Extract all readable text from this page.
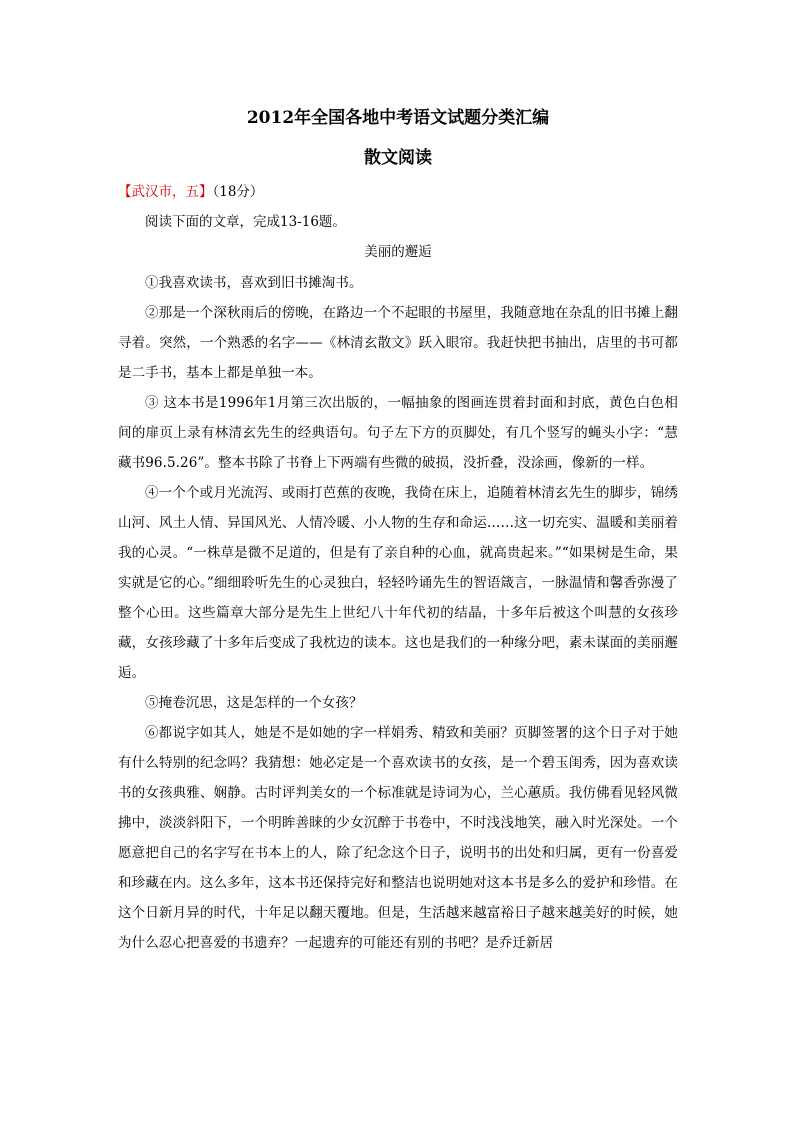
2012年全国各地中考语文试题分类汇编
散文阅读
【武汉市，五】（18分）
阅读下面的文章，完成13-16题。
美丽的邂逅

①我喜欢读书，喜欢到旧书摊淘书。

②那是一个深秋雨后的傍晚，在路边一个不起眼的书屋里，我随意地在杂乱的旧书摊上翻寻着。突然，一个熟悉的名字——《林清玄散文》跃入眼帘。我赶快把书抽出，店里的书可都是二手书，基本上都是单独一本。

③ 这本书是1996年1月第三次出版的，一幅抽象的图画连贯着封面和封底，黄色白色相间的扉页上录有林清玄先生的经典语句。句子左下方的页脚处，有几个竖写的蝇头小字：“慧藏书96.5.26”。整本书除了书脊上下两端有些微的破损，没折叠，没涂画，像新的一样。

④一个个或月光流泻、或雨打芭蕉的夜晚，我倚在床上，追随着林清玄先生的脚步，锦绣山河、风土人情、异国风光、人情冷暖、小人物的生存和命运……这一切充实、温暖和美丽着我的心灵。“一株草是微不足道的，但是有了亲自种的心血，就高贵起来。”“如果树是生命，果实就是它的心。”细细聆听先生的心灵独白，轻轻吟诵先生的智语箴言，一脉温情和馨香弥漫了整个心田。这些篇章大部分是先生上世纪八十年代初的结晶，十多年后被这个叫慧的女孩珍藏，女孩珍藏了十多年后变成了我枕边的读本。这也是我们的一种缘分吧，素未谋面的美丽邂逅。

⑤掩卷沉思，这是怎样的一个女孩？

⑥都说字如其人，她是不是如她的字一样娟秀、精致和美丽？页脚签署的这个日子对于她有什么特别的纪念吗？我猜想：她必定是一个喜欢读书的女孩，是一个碧玉闺秀，因为喜欢读书的女孩典雅、娴静。古时评判美女的一个标准就是诗词为心，兰心蕙质。我仿佛看见轻风微拂中，淡淡斜阳下，一个明眸善睐的少女沉醉于书卷中，不时浅浅地笑，融入时光深处。一个愿意把自己的名字写在书本上的人，除了纪念这个日子，说明书的出处和归属，更有一份喜爱和珍藏在内。这么多年，这本书还保持完好和整洁也说明她对这本书是多么的爱护和珍惜。在这个日新月异的时代，十年足以翻天覆地。但是，生活越来越富裕日子越来越美好的时候，她为什么忍心把喜爱的书遗弃？一起遗弃的可能还有别的书吧？是乔迁新居
